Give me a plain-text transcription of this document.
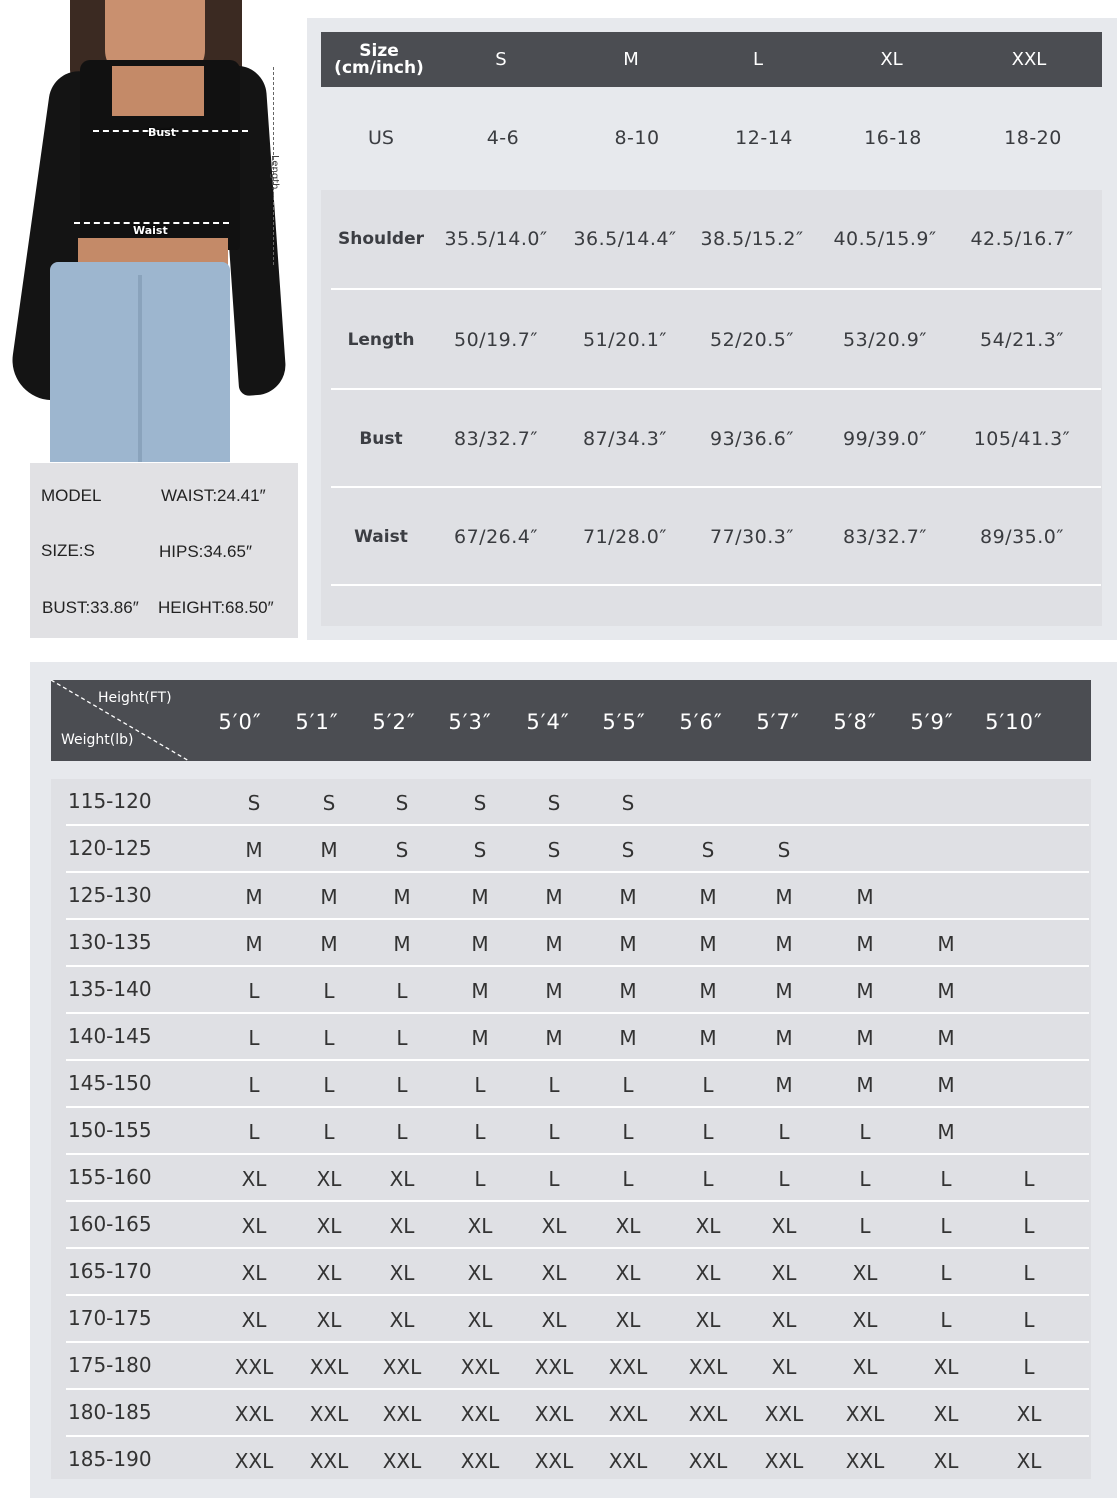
Bust
Waist
Length
MODEL	WAIST:24.41″
SIZE:S	HIPS:34.65″
BUST:33.86″ HEIGHT:68.50″
Size
(cm/inch)	S	M	L	XL	XXL
US	4-6	8-10	12-14	16-18	18-20
Shoulder	35.5/14.0″	36.5/14.4″	38.5/15.2″	40.5/15.9″	42.5/16.7″
Length	50/19.7″	51/20.1″	52/20.5″	53/20.9″	54/21.3″
Bust	83/32.7″	87/34.3″	93/36.6″	99/39.0″	105/41.3″
Waist	67/26.4″	71/28.0″	77/30.3″	83/32.7″	89/35.0″
Height(FT)
Weight(lb)
5′0″ 5′1″ 5′2″ 5′3″ 5′4″ 5′5″ 5′6″ 5′7″ 5′8″ 5′9″ 5′10″
115-120	S	S	S	S	S	S
120-125	M	M	S	S	S	S	S	S
125-130	M	M	M	M	M	M	M	M	M
130-135	M	M	M	M	M	M	M	M	M	M
135-140	L	L	L	M	M	M	M	M	M	M
140-145	L	L	L	M	M	M	M	M	M	M
145-150	L	L	L	L	L	L	L	M	M	M
150-155	L	L	L	L	L	L	L	L	L	M
155-160	XL	XL XL	L	L	L	L	L	L	L	L
160-165	XL	XL XL	XL XL XL	XL	XL	L	L	L
165-170	XL	XL XL	XL XL XL	XL	XL	XL	L	L
170-175	XL	XL XL	XL XL XL	XL	XL	XL	L	L
175-180	XXL XXL XXL XXL XXL XXL XXL XL	XL	XL	L
180-185	XXL XXL XXL XXL XXL XXL XXL XXL XXL XL	XL
185-190	XXL XXL XXL XXL XXL XXL XXL XXL XXL XL	XL
